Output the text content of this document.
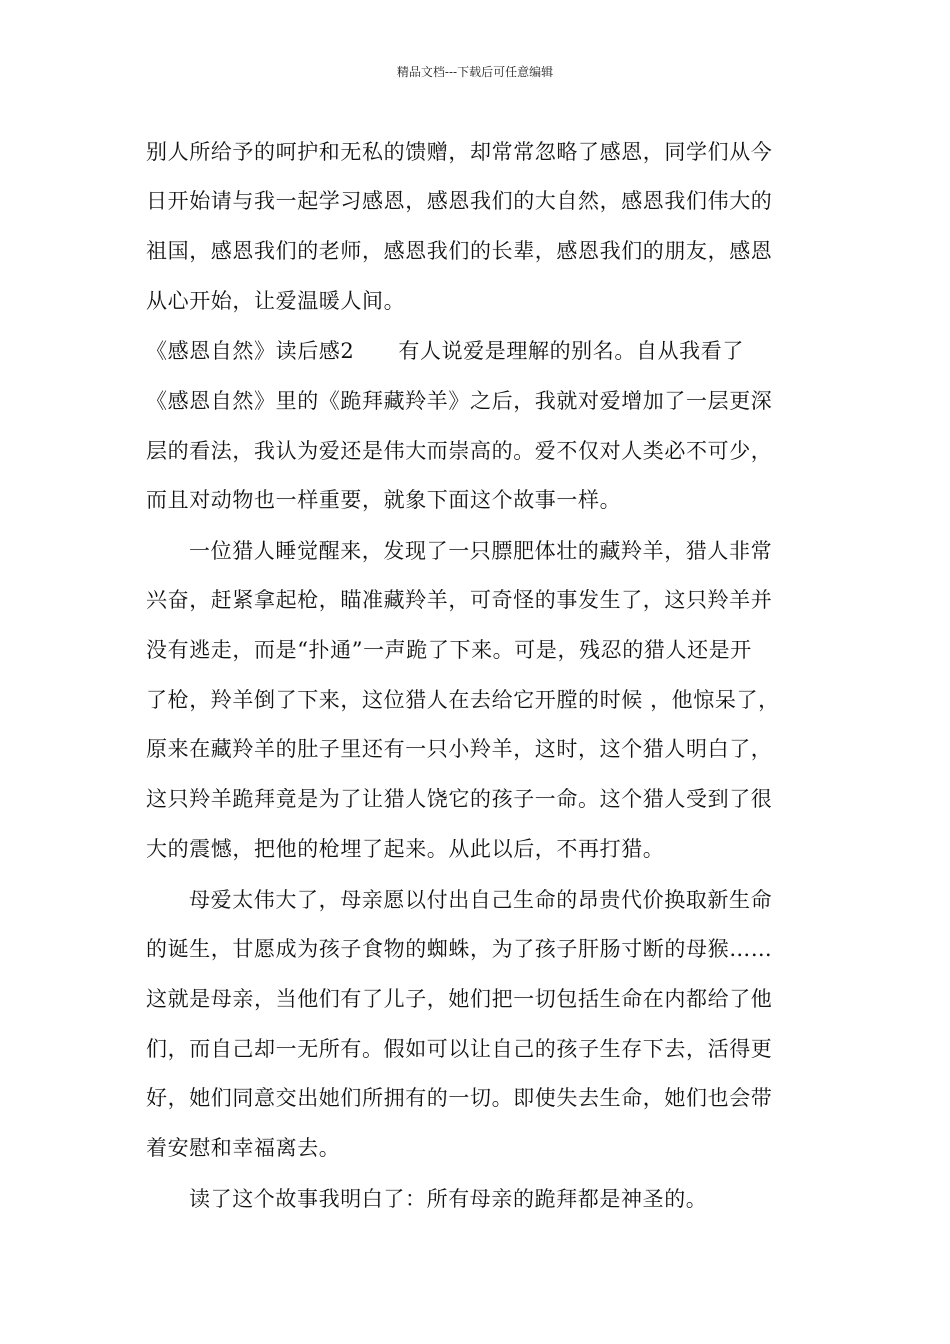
精品文档---下载后可任意编辑
别人所给予的呵护和无私的馈赠，却常常忽略了感恩，同学们从今
日开始请与我一起学习感恩，感恩我们的大自然，感恩我们伟大的
祖国，感恩我们的老师，感恩我们的长辈，感恩我们的朋友，感恩
从心开始，让爱温暖人间。
《感恩自然》读后感2 有人说爱是理解的别名。自从我看了
《感恩自然》里的《跪拜藏羚羊》之后，我就对爱增加了一层更深
层的看法，我认为爱还是伟大而崇高的。爱不仅对人类必不可少，
而且对动物也一样重要，就象下面这个故事一样。
一位猎人睡觉醒来，发现了一只膘肥体壮的藏羚羊，猎人非常
兴奋，赶紧拿起枪，瞄准藏羚羊，可奇怪的事发生了，这只羚羊并
没有逃走，而是“扑通”一声跪了下来。可是，残忍的猎人还是开
了枪，羚羊倒了下来，这位猎人在去给它开膛的时候 ，他惊呆了，
原来在藏羚羊的肚子里还有一只小羚羊，这时，这个猎人明白了，
这只羚羊跪拜竟是为了让猎人饶它的孩子一命。这个猎人受到了很
大的震憾，把他的枪埋了起来。从此以后，不再打猎。
母爱太伟大了，母亲愿以付出自己生命的昂贵代价换取新生命
的诞生，甘愿成为孩子食物的蜘蛛，为了孩子肝肠寸断的母猴……
这就是母亲，当他们有了儿子，她们把一切包括生命在内都给了他
们，而自己却一无所有。假如可以让自己的孩子生存下去，活得更
好，她们同意交出她们所拥有的一切。即使失去生命，她们也会带
着安慰和幸福离去。
读了这个故事我明白了：所有母亲的跪拜都是神圣的。
